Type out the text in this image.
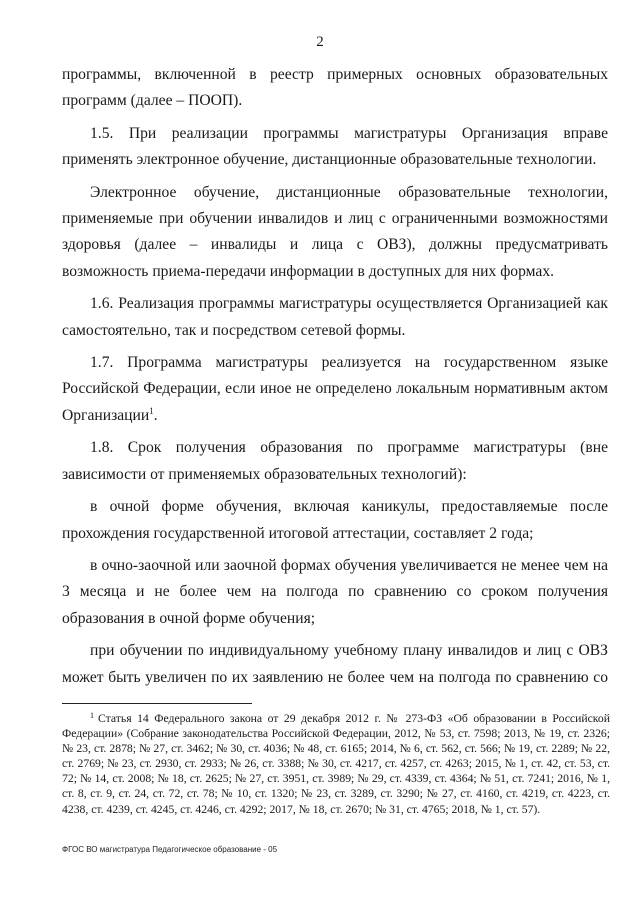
2

программы, включенной в реестр примерных основных образовательных программ (далее – ПООП).

1.5. При реализации программы магистратуры Организация вправе применять электронное обучение, дистанционные образовательные технологии.

Электронное обучение, дистанционные образовательные технологии, применяемые при обучении инвалидов и лиц с ограниченными возможностями здоровья (далее – инвалиды и лица с ОВЗ), должны предусматривать возможность приема-передачи информации в доступных для них формах.

1.6. Реализация программы магистратуры осуществляется Организацией как самостоятельно, так и посредством сетевой формы.

1.7. Программа магистратуры реализуется на государственном языке Российской Федерации, если иное не определено локальным нормативным актом Организации$^1$.

1.8. Срок получения образования по программе магистратуры (вне зависимости от применяемых образовательных технологий):

в очной форме обучения, включая каникулы, предоставляемые после прохождения государственной итоговой аттестации, составляет 2 года;

в очно-заочной или заочной формах обучения увеличивается не менее чем на 3 месяца и не более чем на полгода по сравнению со сроком получения образования в очной форме обучения;

при обучении по индивидуальному учебному плану инвалидов и лиц с ОВЗ может быть увеличен по их заявлению не более чем на полгода по сравнению со

$^1$ Статья 14 Федерального закона от 29 декабря 2012 г. № 273-ФЗ «Об образовании в Российской Федерации» (Собрание законодательства Российской Федерации, 2012, № 53, ст. 7598; 2013, № 19, ст. 2326; № 23, ст. 2878; № 27, ст. 3462; № 30, ст. 4036; № 48, ст. 6165; 2014, № 6, ст. 562, ст. 566; № 19, ст. 2289; № 22, ст. 2769; № 23, ст. 2930, ст. 2933; № 26, ст. 3388; № 30, ст. 4217, ст. 4257, ст. 4263; 2015, № 1, ст. 42, ст. 53, ст. 72; № 14, ст. 2008; № 18, ст. 2625; № 27, ст. 3951, ст. 3989; № 29, ст. 4339, ст. 4364; № 51, ст. 7241; 2016, № 1, ст. 8, ст. 9, ст. 24, ст. 72, ст. 78; № 10, ст. 1320; № 23, ст. 3289, ст. 3290; № 27, ст. 4160, ст. 4219, ст. 4223, ст. 4238, ст. 4239, ст. 4245, ст. 4246, ст. 4292; 2017, № 18, ст. 2670; № 31, ст. 4765; 2018, № 1, ст. 57).
ФГОС ВО магистратура Педагогическое образование - 05
